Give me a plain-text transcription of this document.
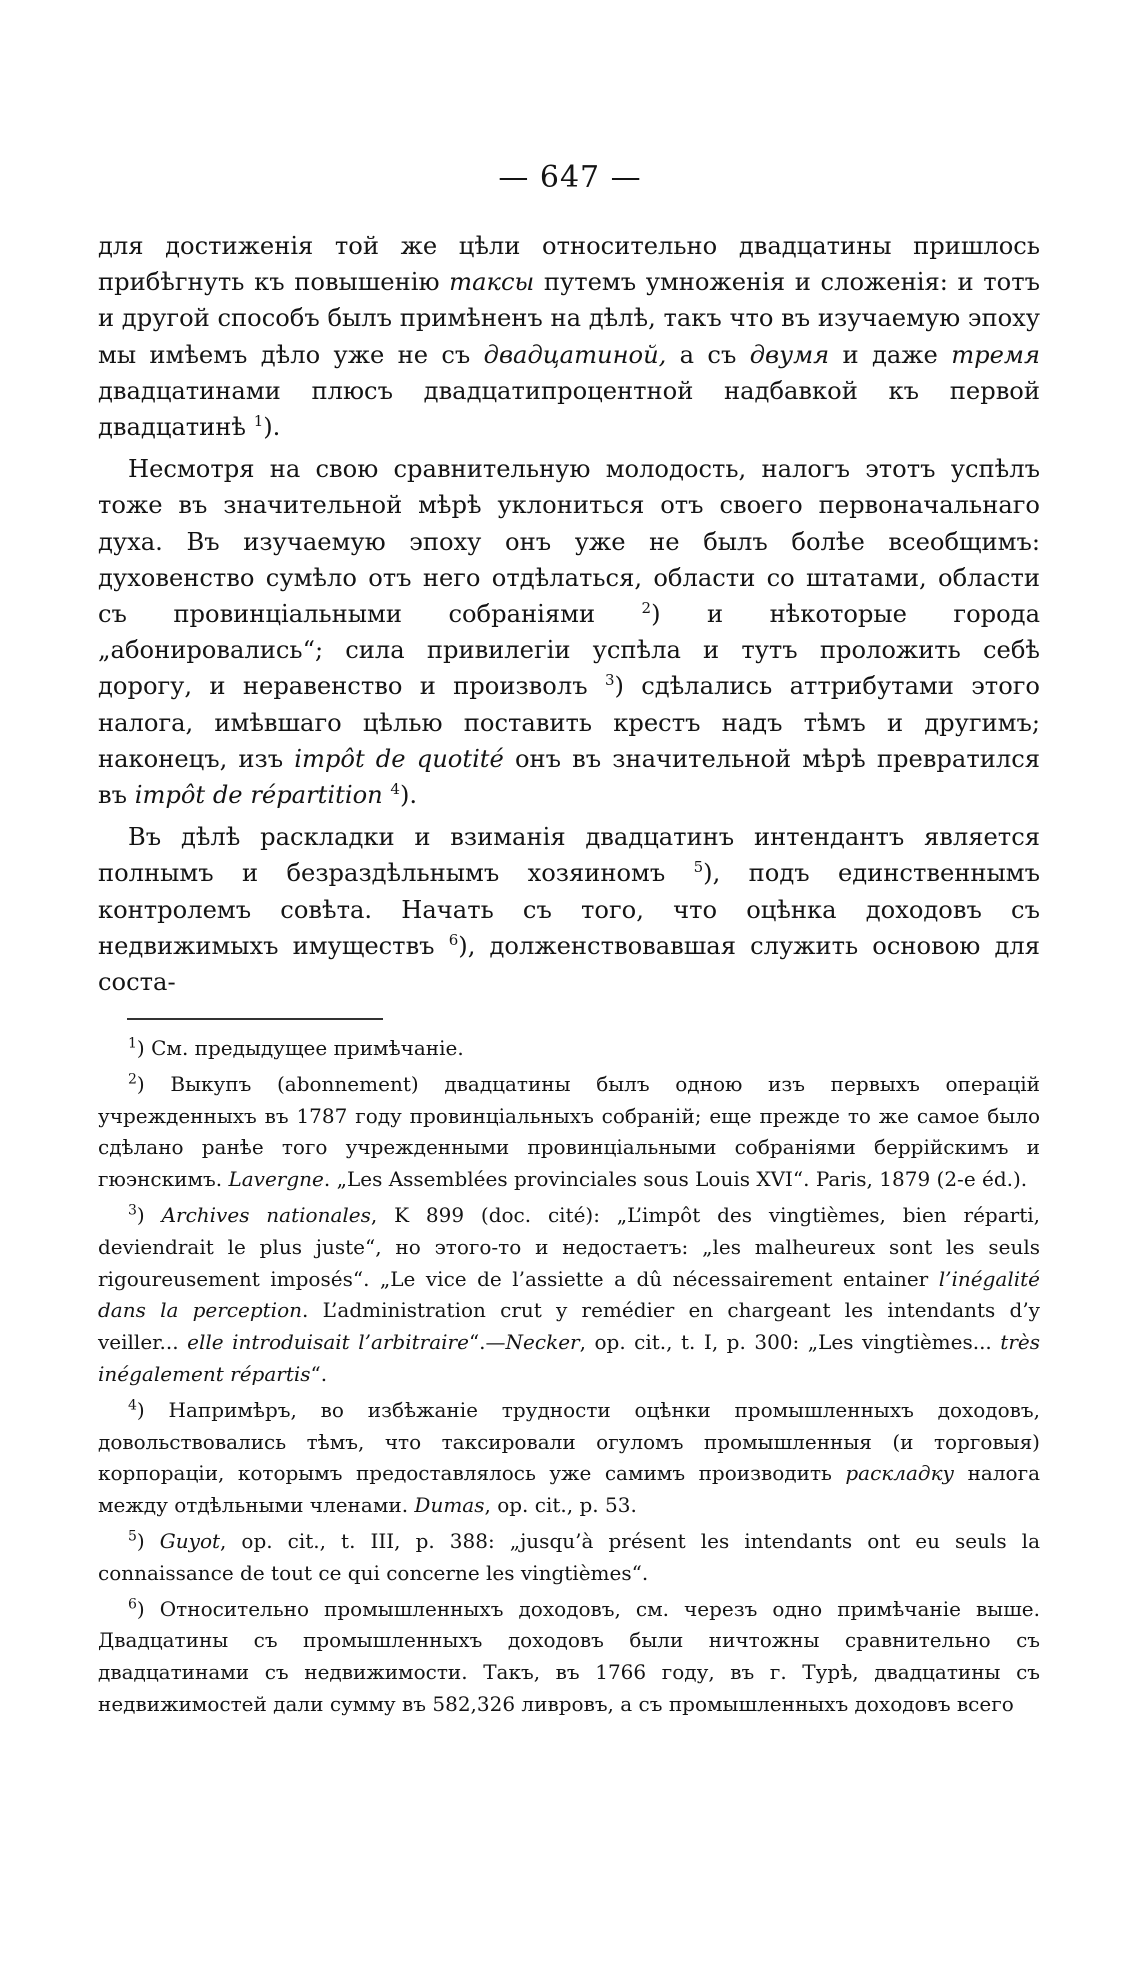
— 647 —

для достиженія той же цѣли относительно двадцатины пришлось прибѣгнуть къ повышенію таксы путемъ умноженія и сложенія: и тотъ и другой способъ былъ примѣненъ на дѣлѣ, такъ что въ изучаемую эпоху мы имѣемъ дѣло уже не съ двадцатиной, а съ двумя и даже тремя двадцатинами плюсъ двадцатипроцентной надбавкой къ первой двадцатинѣ $^1$).

Несмотря на свою сравнительную молодость, налогъ этотъ успѣлъ тоже въ значительной мѣрѣ уклониться отъ своего первоначальнаго духа. Въ изучаемую эпоху онъ уже не былъ болѣе всеобщимъ: духовенство сумѣло отъ него отдѣлаться, области со штатами, области съ провинціальными собраніями $^2$) и нѣкоторые города „абонировались“; сила привилегіи успѣла и тутъ проложить себѣ дорогу, и неравенство и произволъ $^3$) сдѣлались аттрибутами этого налога, имѣвшаго цѣлью поставить крестъ надъ тѣмъ и другимъ; наконецъ, изъ impôt de quotité онъ въ значительной мѣрѣ превратился въ impôt de répartition $^4$).

Въ дѣлѣ раскладки и взиманія двадцатинъ интендантъ является полнымъ и безраздѣльнымъ хозяиномъ $^5$), подъ единственнымъ контролемъ совѣта. Начать съ того, что оцѣнка доходовъ съ недвижимыхъ имуществъ $^6$), долженствовавшая служить основою для соста-

$^1$) См. предыдущее примѣчаніе.

$^2$) Выкупъ (abonnement) двадцатины былъ одною изъ первыхъ операцій учрежденныхъ въ 1787 году провинціальныхъ собраній; еще прежде то же самое было сдѣлано ранѣе того учрежденными провинціальными собраніями беррійскимъ и гюэнскимъ. Lavergne. „Les Assemblées provinciales sous Louis XVI“. Paris, 1879 (2-e éd.).

$^3$) Archives nationales, K 899 (doc. cité): „L’impôt des vingtièmes, bien réparti, deviendrait le plus juste“, но этого-то и недостаетъ: „les malheureux sont les seuls rigoureusement imposés“. „Le vice de l’assiette a dû nécessairement entainer l’inégalité dans la perception. L’administration crut y remédier en chargeant les intendants d’y veiller... elle introduisait l’arbitraire“.—Necker, op. cit., t. I, p. 300: „Les vingtièmes... très inégalement répartis“.

$^4$) Напримѣръ, во избѣжаніе трудности оцѣнки промышленныхъ доходовъ, довольствовались тѣмъ, что таксировали огуломъ промышленныя (и торговыя) корпораціи, которымъ предоставлялось уже самимъ производить раскладку налога между отдѣльными членами. Dumas, op. cit., p. 53.

$^5$) Guyot, op. cit., t. III, p. 388: „jusqu’à présent les intendants ont eu seuls la connaissance de tout ce qui concerne les vingtièmes“.

$^6$) Относительно промышленныхъ доходовъ, см. черезъ одно примѣчаніе выше. Двадцатины съ промышленныхъ доходовъ были ничтожны сравнительно съ двадцатинами съ недвижимости. Такъ, въ 1766 году, въ г. Турѣ, двадцатины съ недвижимостей дали сумму въ 582,326 ливровъ, а съ промышленныхъ доходовъ всего
